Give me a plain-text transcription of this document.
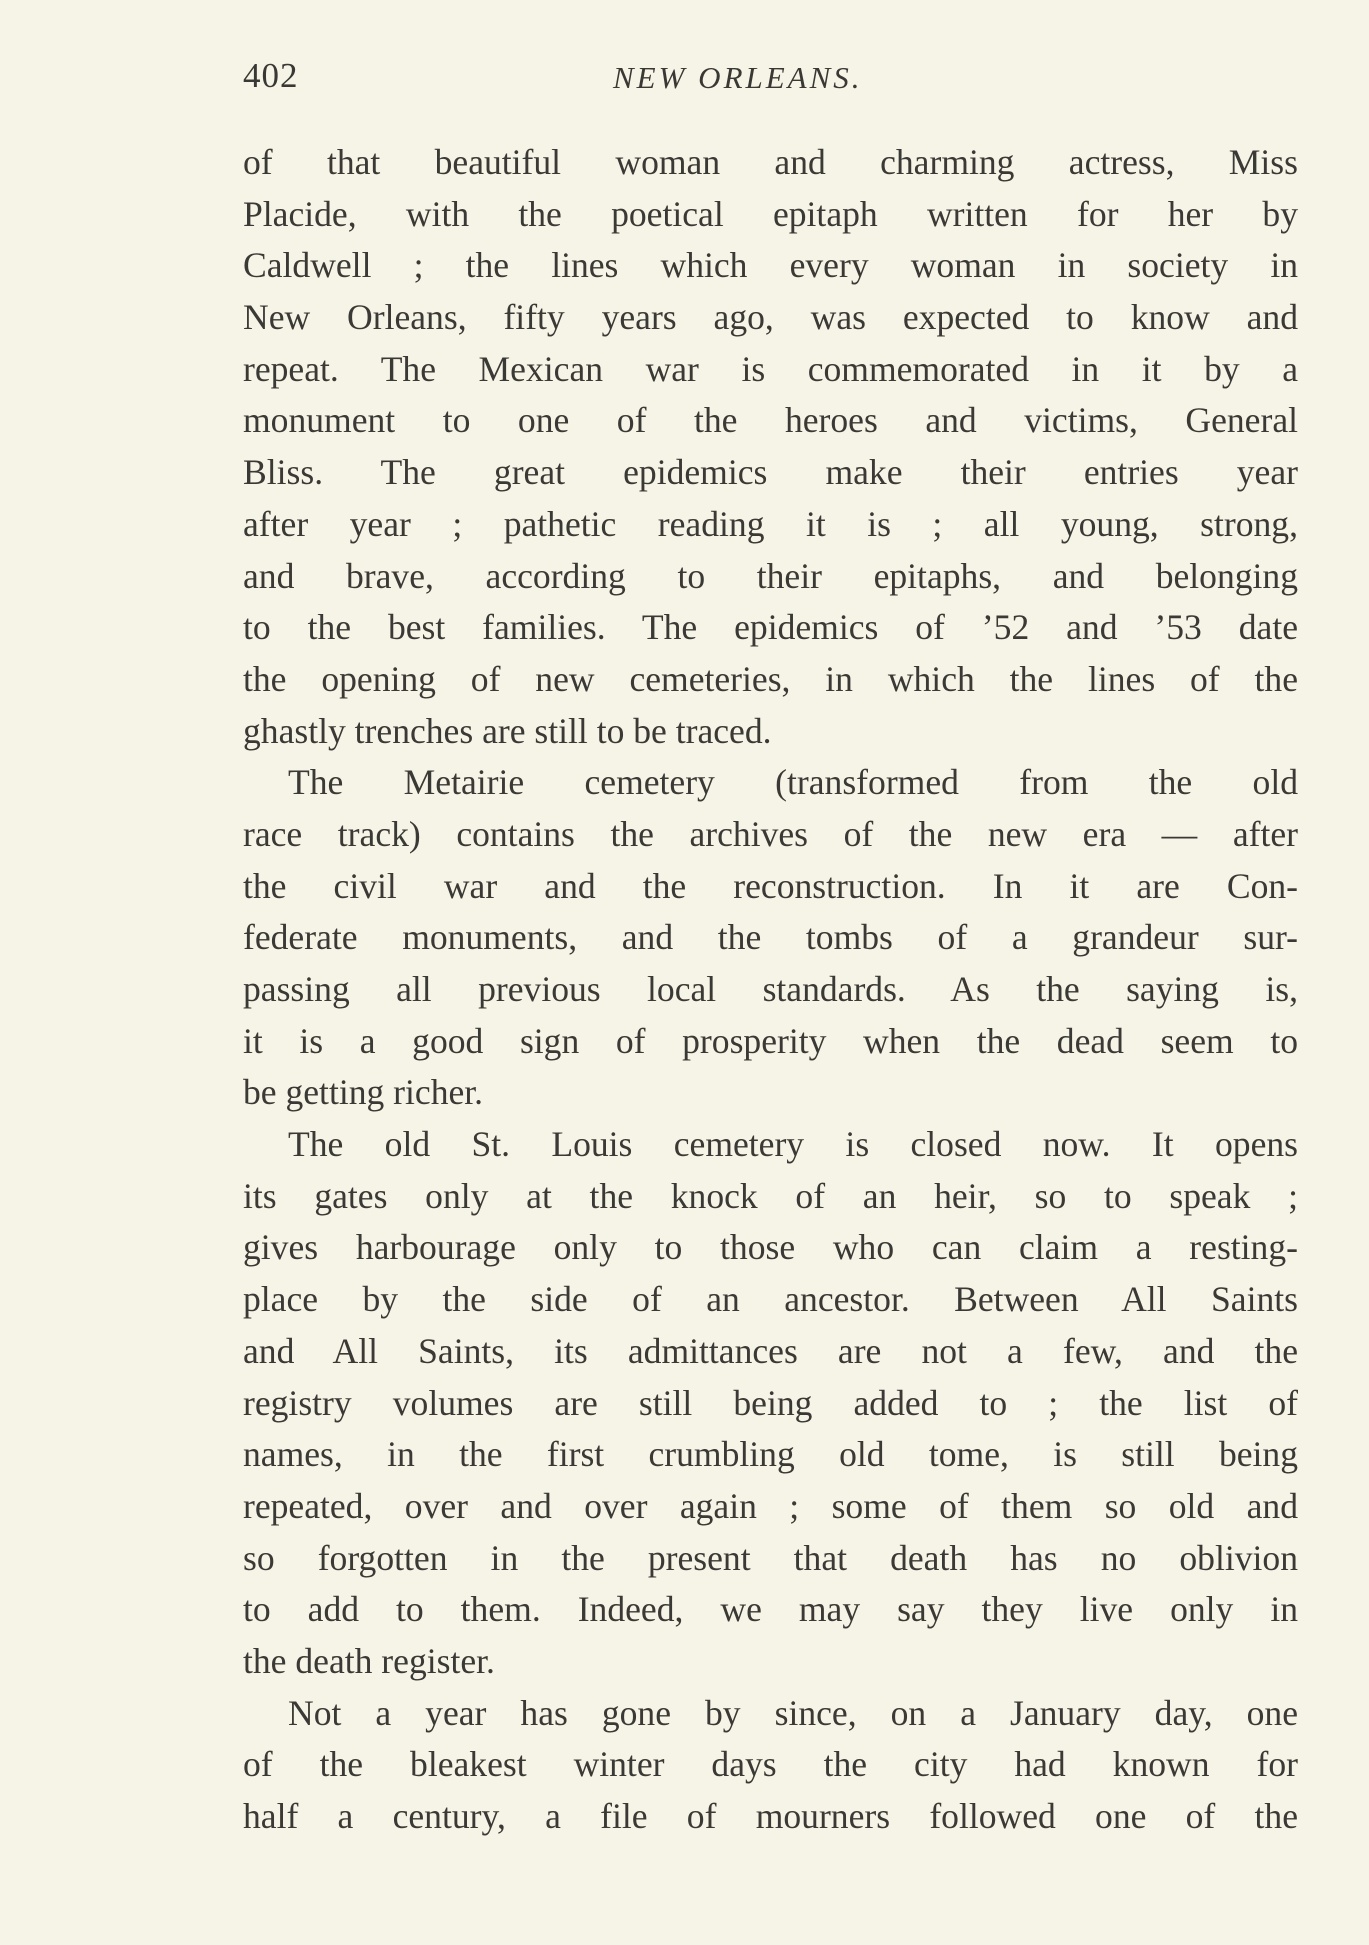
402	NEW ORLEANS.
of that beautiful woman and charming actress, Miss
Placide, with the poetical epitaph written for her by
Caldwell ; the lines which every woman in society in
New Orleans, fifty years ago, was expected to know and
repeat. The Mexican war is commemorated in it by a
monument to one of the heroes and victims, General
Bliss. The great epidemics make their entries year
after year ; pathetic reading it is ; all young, strong,
and brave, according to their epitaphs, and belonging
to the best families. The epidemics of ’52 and ’53 date
the opening of new cemeteries, in which the lines of the
ghastly trenches are still to be traced.
The Metairie cemetery (transformed from the old
race track) contains the archives of the new era — after
the civil war and the reconstruction. In it are Con-
federate monuments, and the tombs of a grandeur sur-
passing all previous local standards. As the saying is,
it is a good sign of prosperity when the dead seem to
be getting richer.
The old St. Louis cemetery is closed now. It opens
its gates only at the knock of an heir, so to speak ;
gives harbourage only to those who can claim a resting-
place by the side of an ancestor. Between All Saints
and All Saints, its admittances are not a few, and the
registry volumes are still being added to ; the list of
names, in the first crumbling old tome, is still being
repeated, over and over again ; some of them so old and
so forgotten in the present that death has no oblivion
to add to them. Indeed, we may say they live only in
the death register.
Not a year has gone by since, on a January day, one
of the bleakest winter days the city had known for
half a century, a file of mourners followed one of the
